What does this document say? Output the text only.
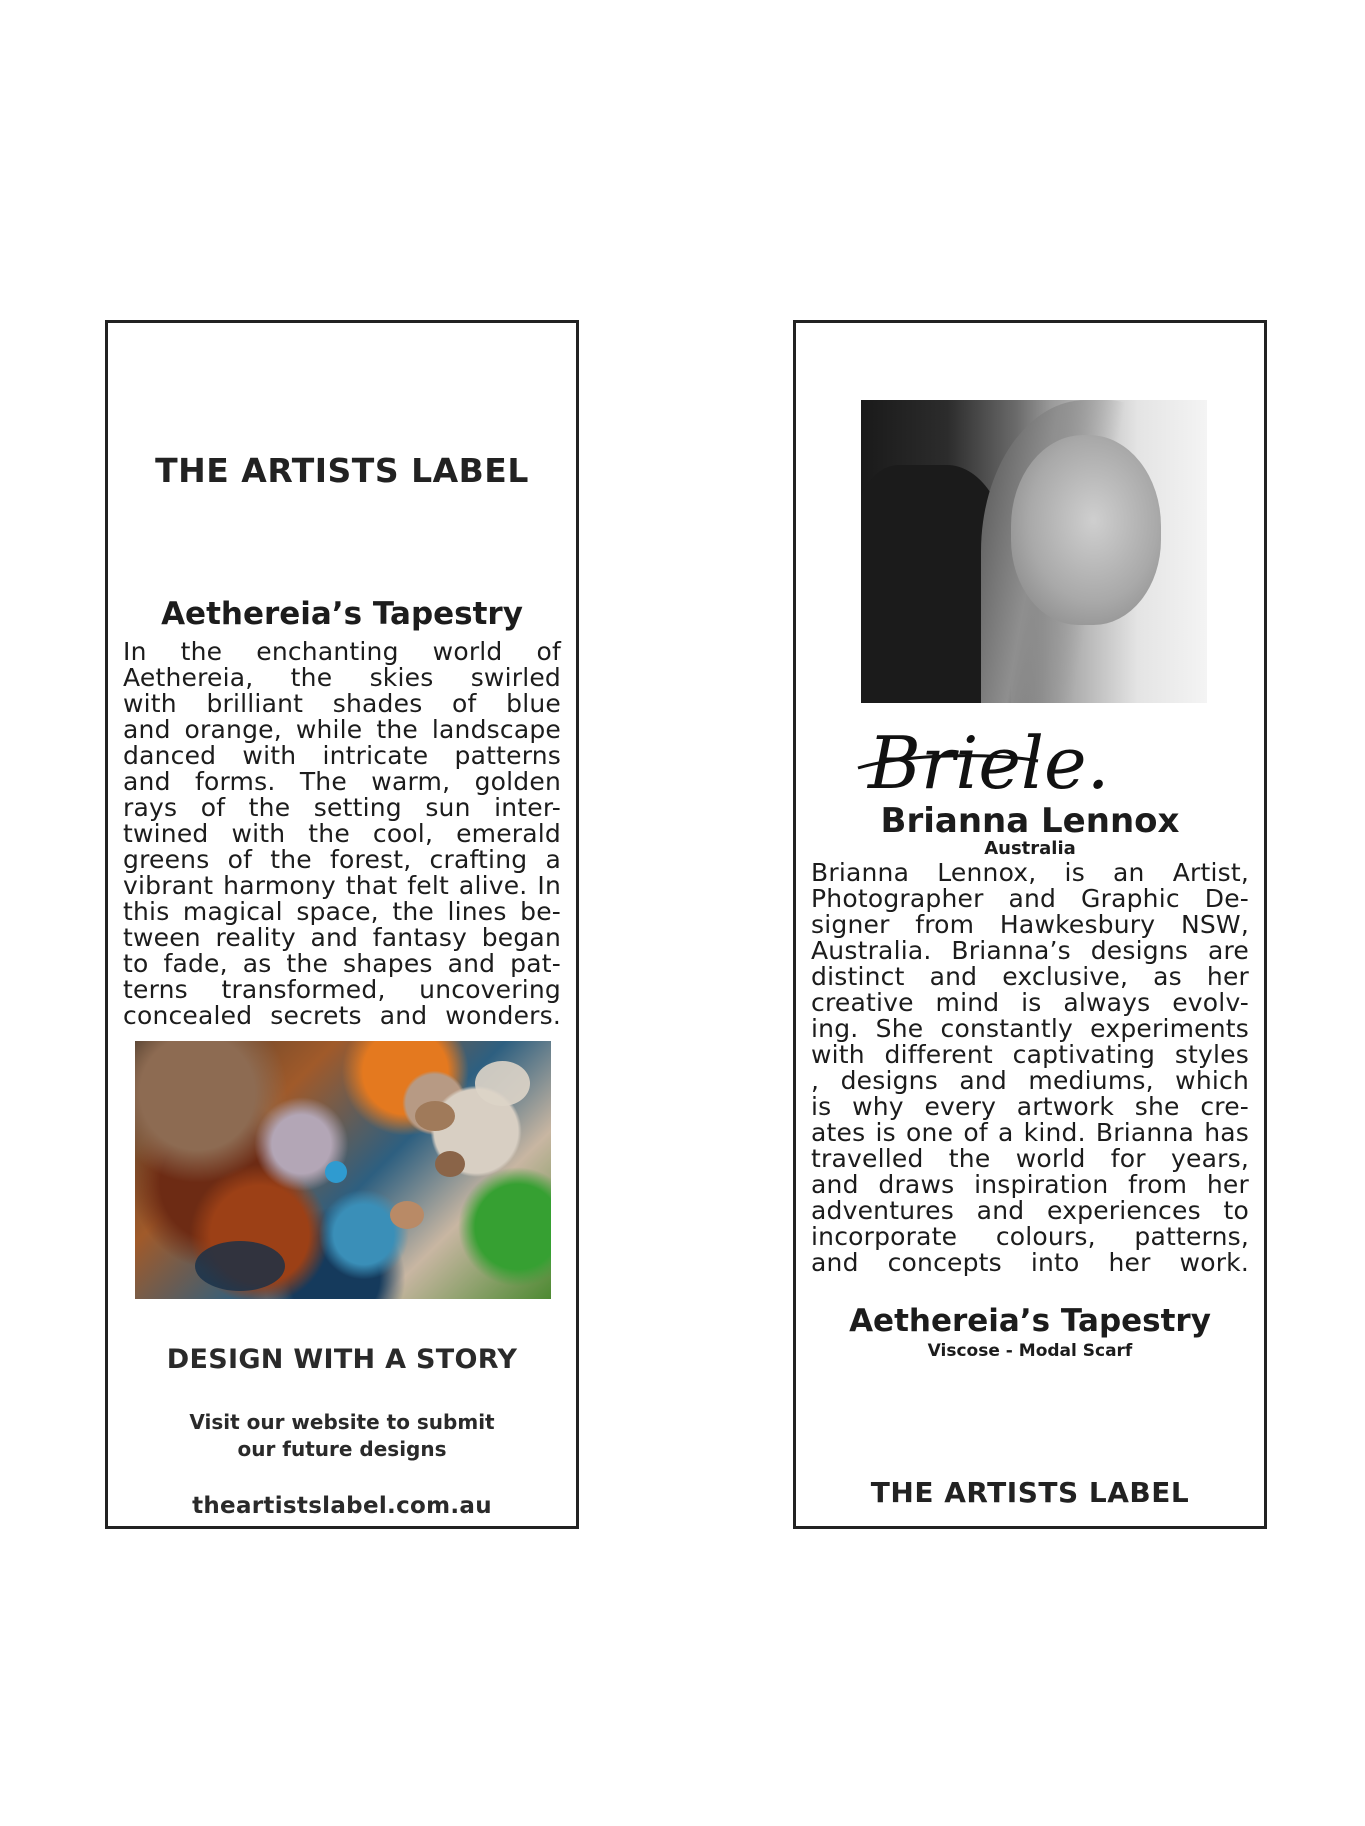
THE ARTISTS LABEL
Aethereia’s Tapestry
In the enchanting world of
Aethereia, the skies swirled
with brilliant shades of blue
and orange, while the landscape
danced with intricate patterns
and forms. The warm, golden
rays of the setting sun inter-
twined with the cool, emerald
greens of the forest, crafting a
vibrant harmony that felt alive. In
this magical space, the lines be-
tween reality and fantasy began
to fade, as the shapes and pat-
terns transformed, uncovering
concealed secrets and wonders.
DESIGN WITH A STORY
Visit our website to submit
our future designs
theartistslabel.com.au
Briele.
Brianna Lennox
Australia
Brianna Lennox, is an Artist,
Photographer and Graphic De-
signer from Hawkesbury NSW,
Australia. Brianna’s designs are
distinct and exclusive, as her
creative mind is always evolv-
ing. She constantly experiments
with different captivating styles
, designs and mediums, which
is why every artwork she cre-
ates is one of a kind. Brianna has
travelled the world for years,
and draws inspiration from her
adventures and experiences to
incorporate colours, patterns,
and concepts into her work.
Aethereia’s Tapestry
Viscose - Modal Scarf
THE ARTISTS LABEL
